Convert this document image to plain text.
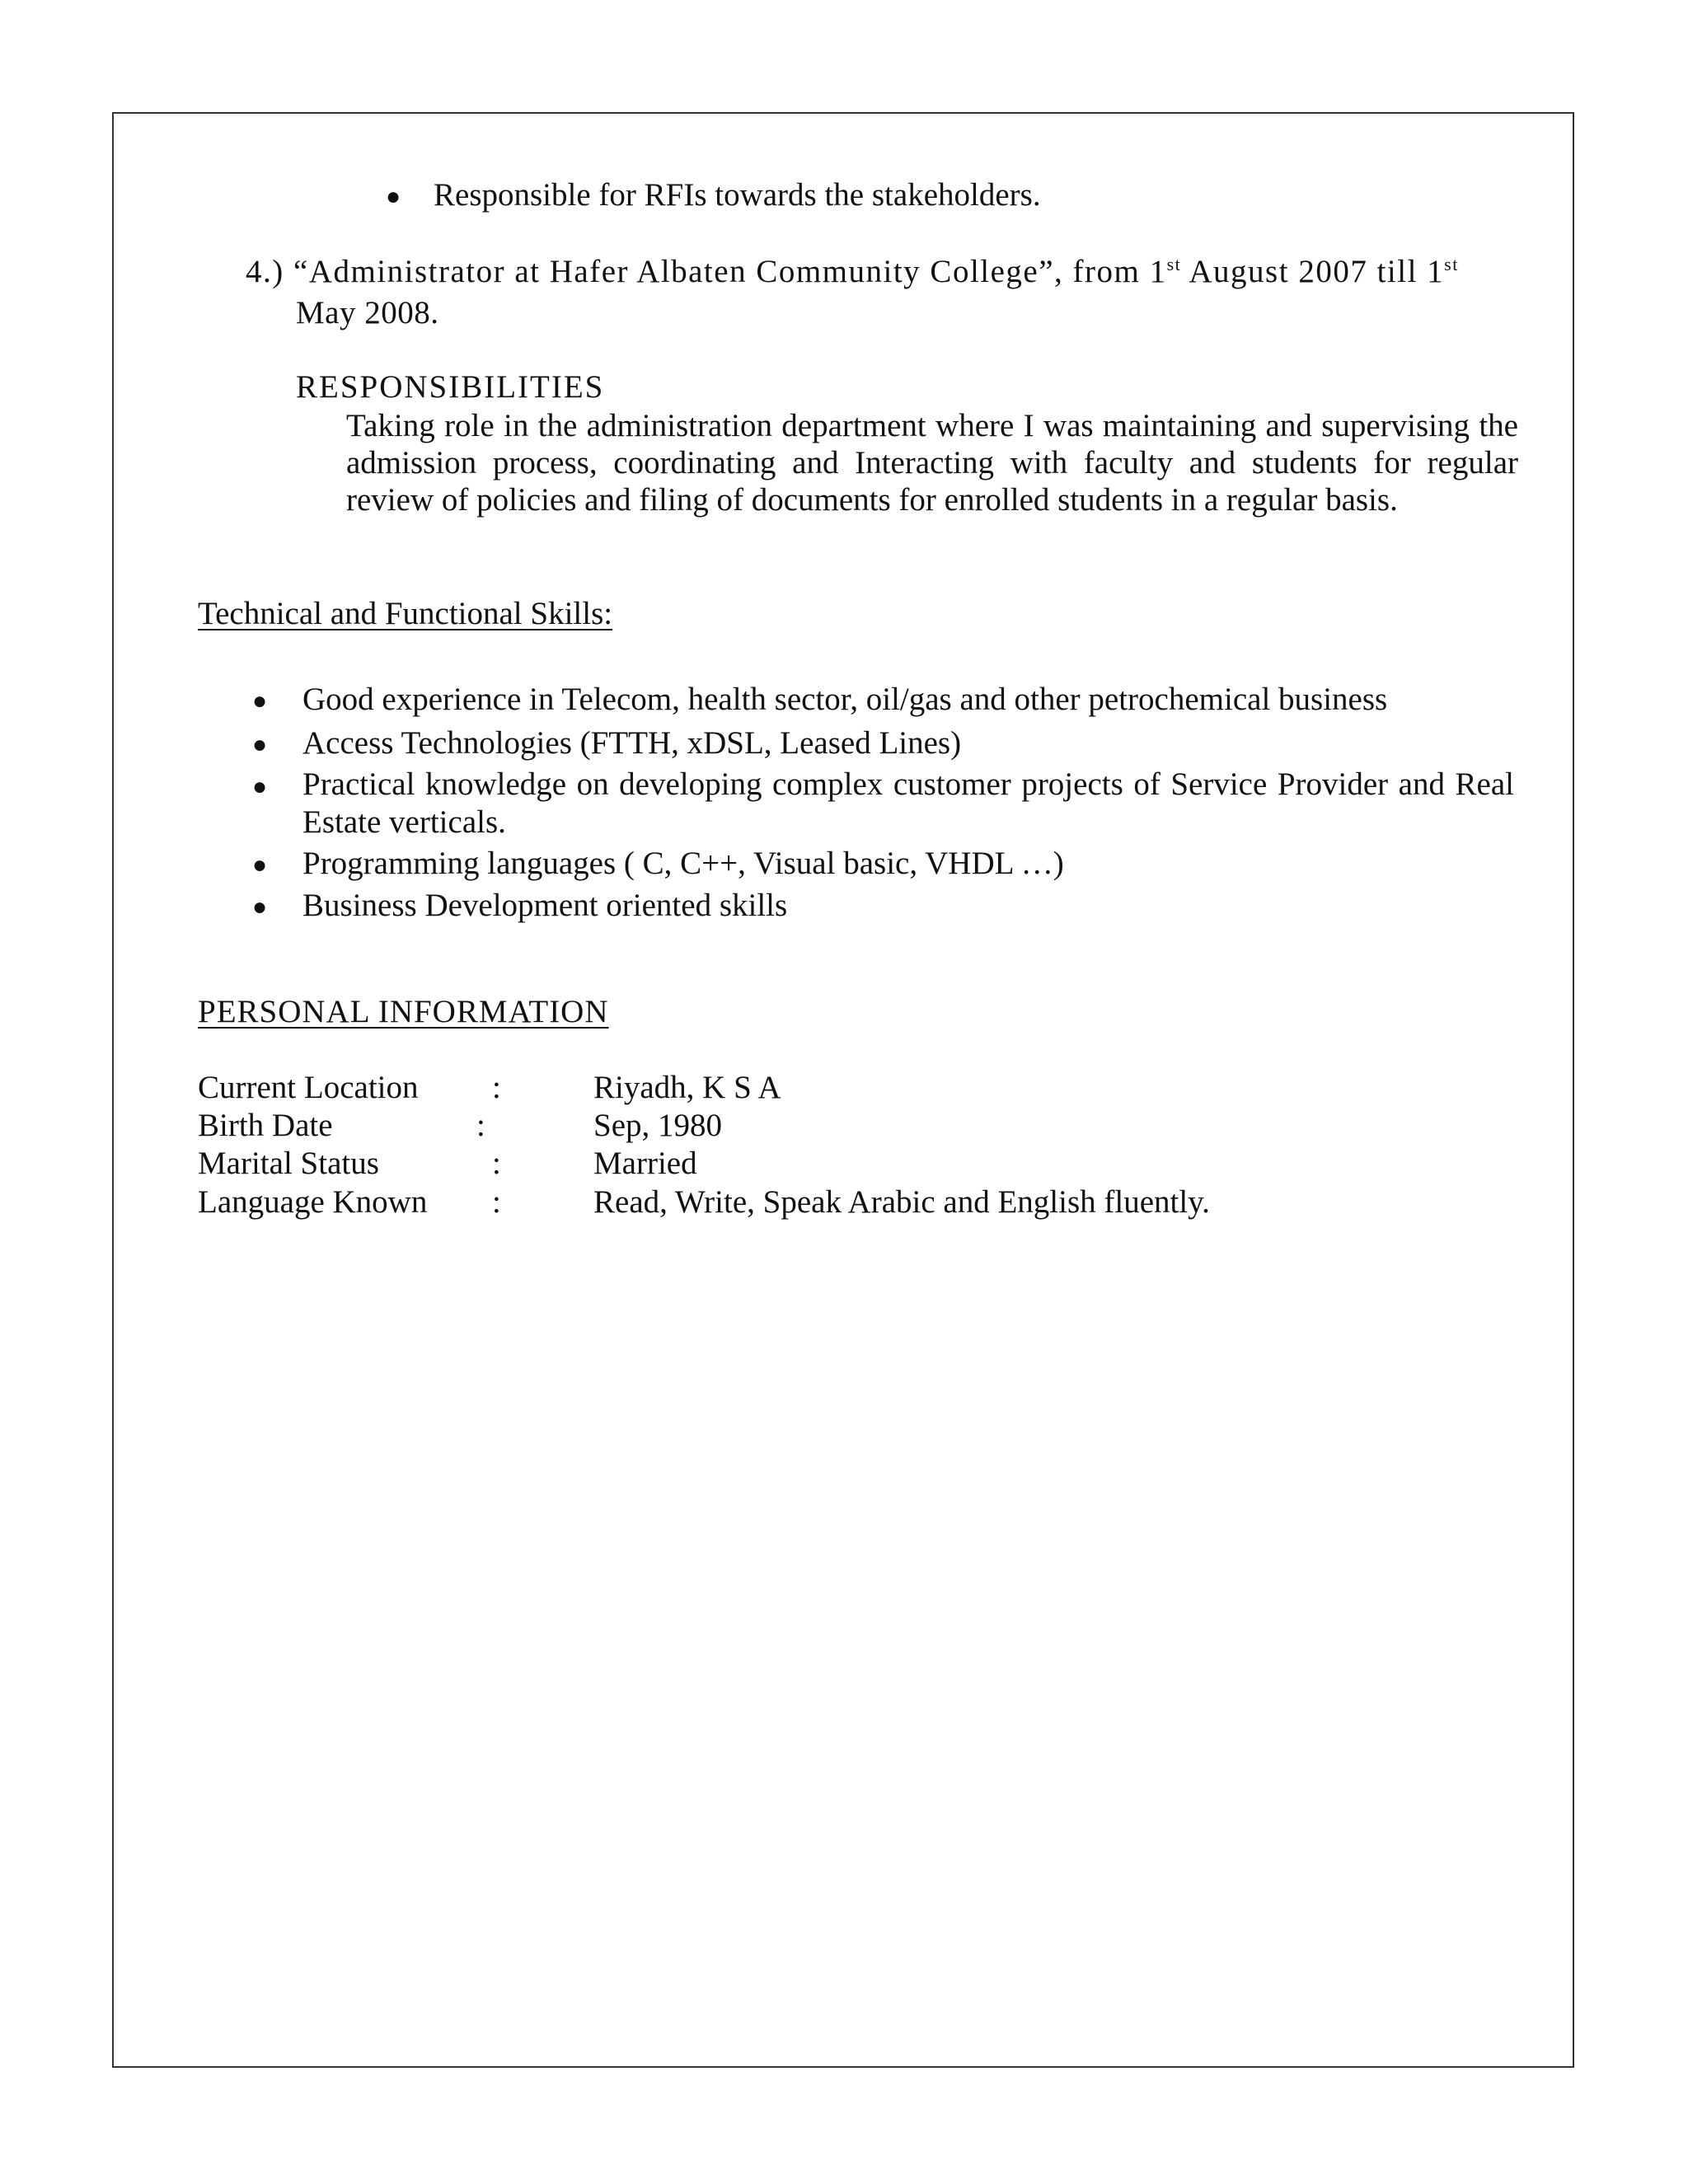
● Responsible for RFIs towards the stakeholders.
4.) “Administrator at Hafer Albaten Community College”, from 1st August 2007 till 1st
May 2008.
RESPONSIBILITIES
Taking role in the administration department where I was maintaining and supervising the admission process, coordinating and Interacting with faculty and students for regular review of policies and filing of documents for enrolled students in a regular basis.
Technical and Functional Skills:
● Good experience in Telecom, health sector, oil/gas and other petrochemical business
● Access Technologies (FTTH, xDSL, Leased Lines)
● Practical knowledge on developing complex customer projects of Service Provider and Real Estate verticals.
● Programming languages ( C, C++, Visual basic, VHDL …)
● Business Development oriented skills
PERSONAL INFORMATION
Current Location :	Riyadh, K S A
Birth Date	:	Sep, 1980
Marital Status	:	Married
Language Known :	Read, Write, Speak Arabic and English fluently.
